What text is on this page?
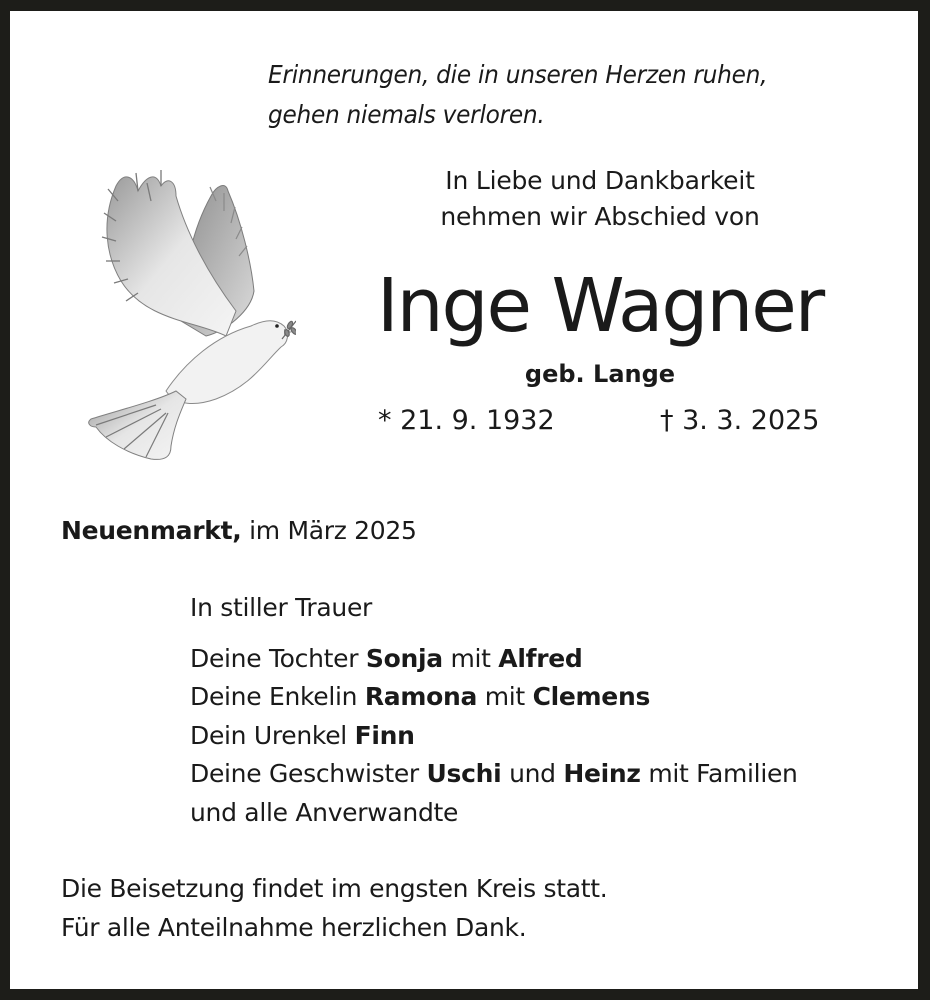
Erinnerungen, die in unseren Herzen ruhen,
gehen niemals verloren.
In Liebe und Dankbarkeit
nehmen wir Abschied von
Inge Wagner
geb. Lange
* 21. 9. 1932	† 3. 3. 2025
Neuenmarkt, im März 2025
In stiller Trauer
Deine Tochter Sonja mit Alfred
Deine Enkelin Ramona mit Clemens
Dein Urenkel Finn
Deine Geschwister Uschi und Heinz mit Familien
und alle Anverwandte
Die Beisetzung findet im engsten Kreis statt.
Für alle Anteilnahme herzlichen Dank.
